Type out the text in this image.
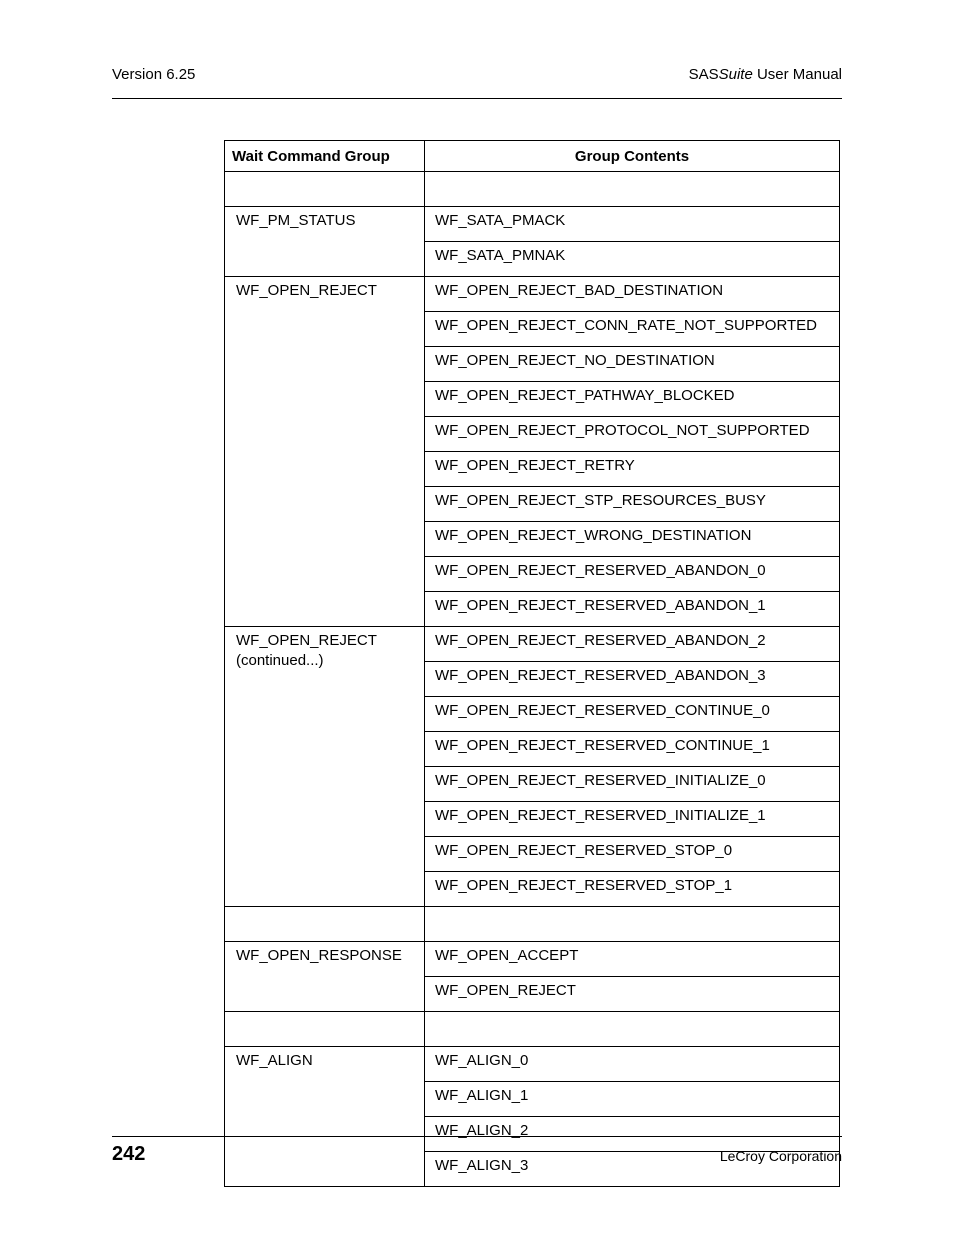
Version 6.25	SASSuite User Manual
Wait Command Group	Group Contents

WF_PM_STATUS	WF_SATA_PMACK
	WF_SATA_PMNAK

WF_OPEN_REJECT	WF_OPEN_REJECT_BAD_DESTINATION
	WF_OPEN_REJECT_CONN_RATE_NOT_SUPPORTED
	WF_OPEN_REJECT_NO_DESTINATION
	WF_OPEN_REJECT_PATHWAY_BLOCKED
	WF_OPEN_REJECT_PROTOCOL_NOT_SUPPORTED
	WF_OPEN_REJECT_RETRY
	WF_OPEN_REJECT_STP_RESOURCES_BUSY
	WF_OPEN_REJECT_WRONG_DESTINATION
	WF_OPEN_REJECT_RESERVED_ABANDON_0
	WF_OPEN_REJECT_RESERVED_ABANDON_1

WF_OPEN_REJECT
(continued...)	WF_OPEN_REJECT_RESERVED_ABANDON_2
	WF_OPEN_REJECT_RESERVED_ABANDON_3
	WF_OPEN_REJECT_RESERVED_CONTINUE_0
	WF_OPEN_REJECT_RESERVED_CONTINUE_1
	WF_OPEN_REJECT_RESERVED_INITIALIZE_0
	WF_OPEN_REJECT_RESERVED_INITIALIZE_1
	WF_OPEN_REJECT_RESERVED_STOP_0
	WF_OPEN_REJECT_RESERVED_STOP_1

WF_OPEN_RESPONSE	WF_OPEN_ACCEPT
	WF_OPEN_REJECT

WF_ALIGN	WF_ALIGN_0
	WF_ALIGN_1
	WF_ALIGN_2
	WF_ALIGN_3
242	LeCroy Corporation
